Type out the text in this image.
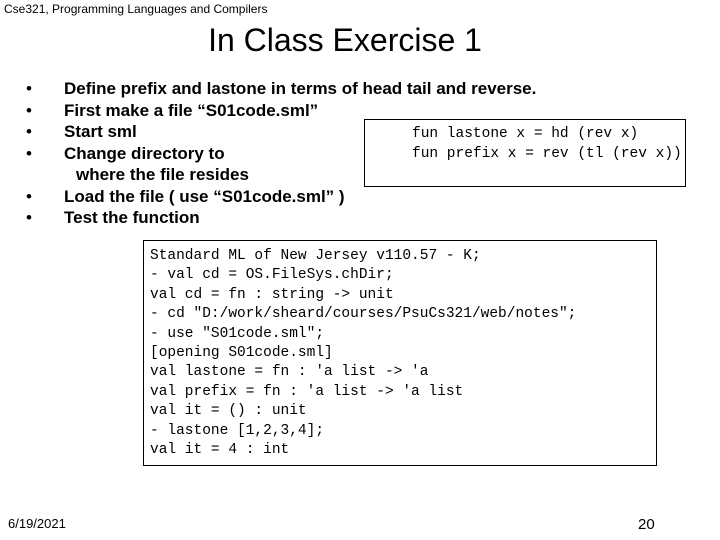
Cse321, Programming Languages and Compilers
In Class Exercise 1
• Define prefix and lastone in terms of head tail and reverse.
• First make a file “S01code.sml”
• Start sml
• Change directory to
where the file resides
• Load the file ( use “S01code.sml” )
• Test the function
fun lastone x = hd (rev x)
fun prefix x = rev (tl (rev x))
Standard ML of New Jersey v110.57 - K;
- val cd = OS.FileSys.chDir;
val cd = fn : string -> unit
- cd "D:/work/sheard/courses/PsuCs321/web/notes";
- use "S01code.sml";
[opening S01code.sml]
val lastone = fn : 'a list -> 'a
val prefix = fn : 'a list -> 'a list
val it = () : unit
- lastone [1,2,3,4];
val it = 4 : int
6/19/2021	20
